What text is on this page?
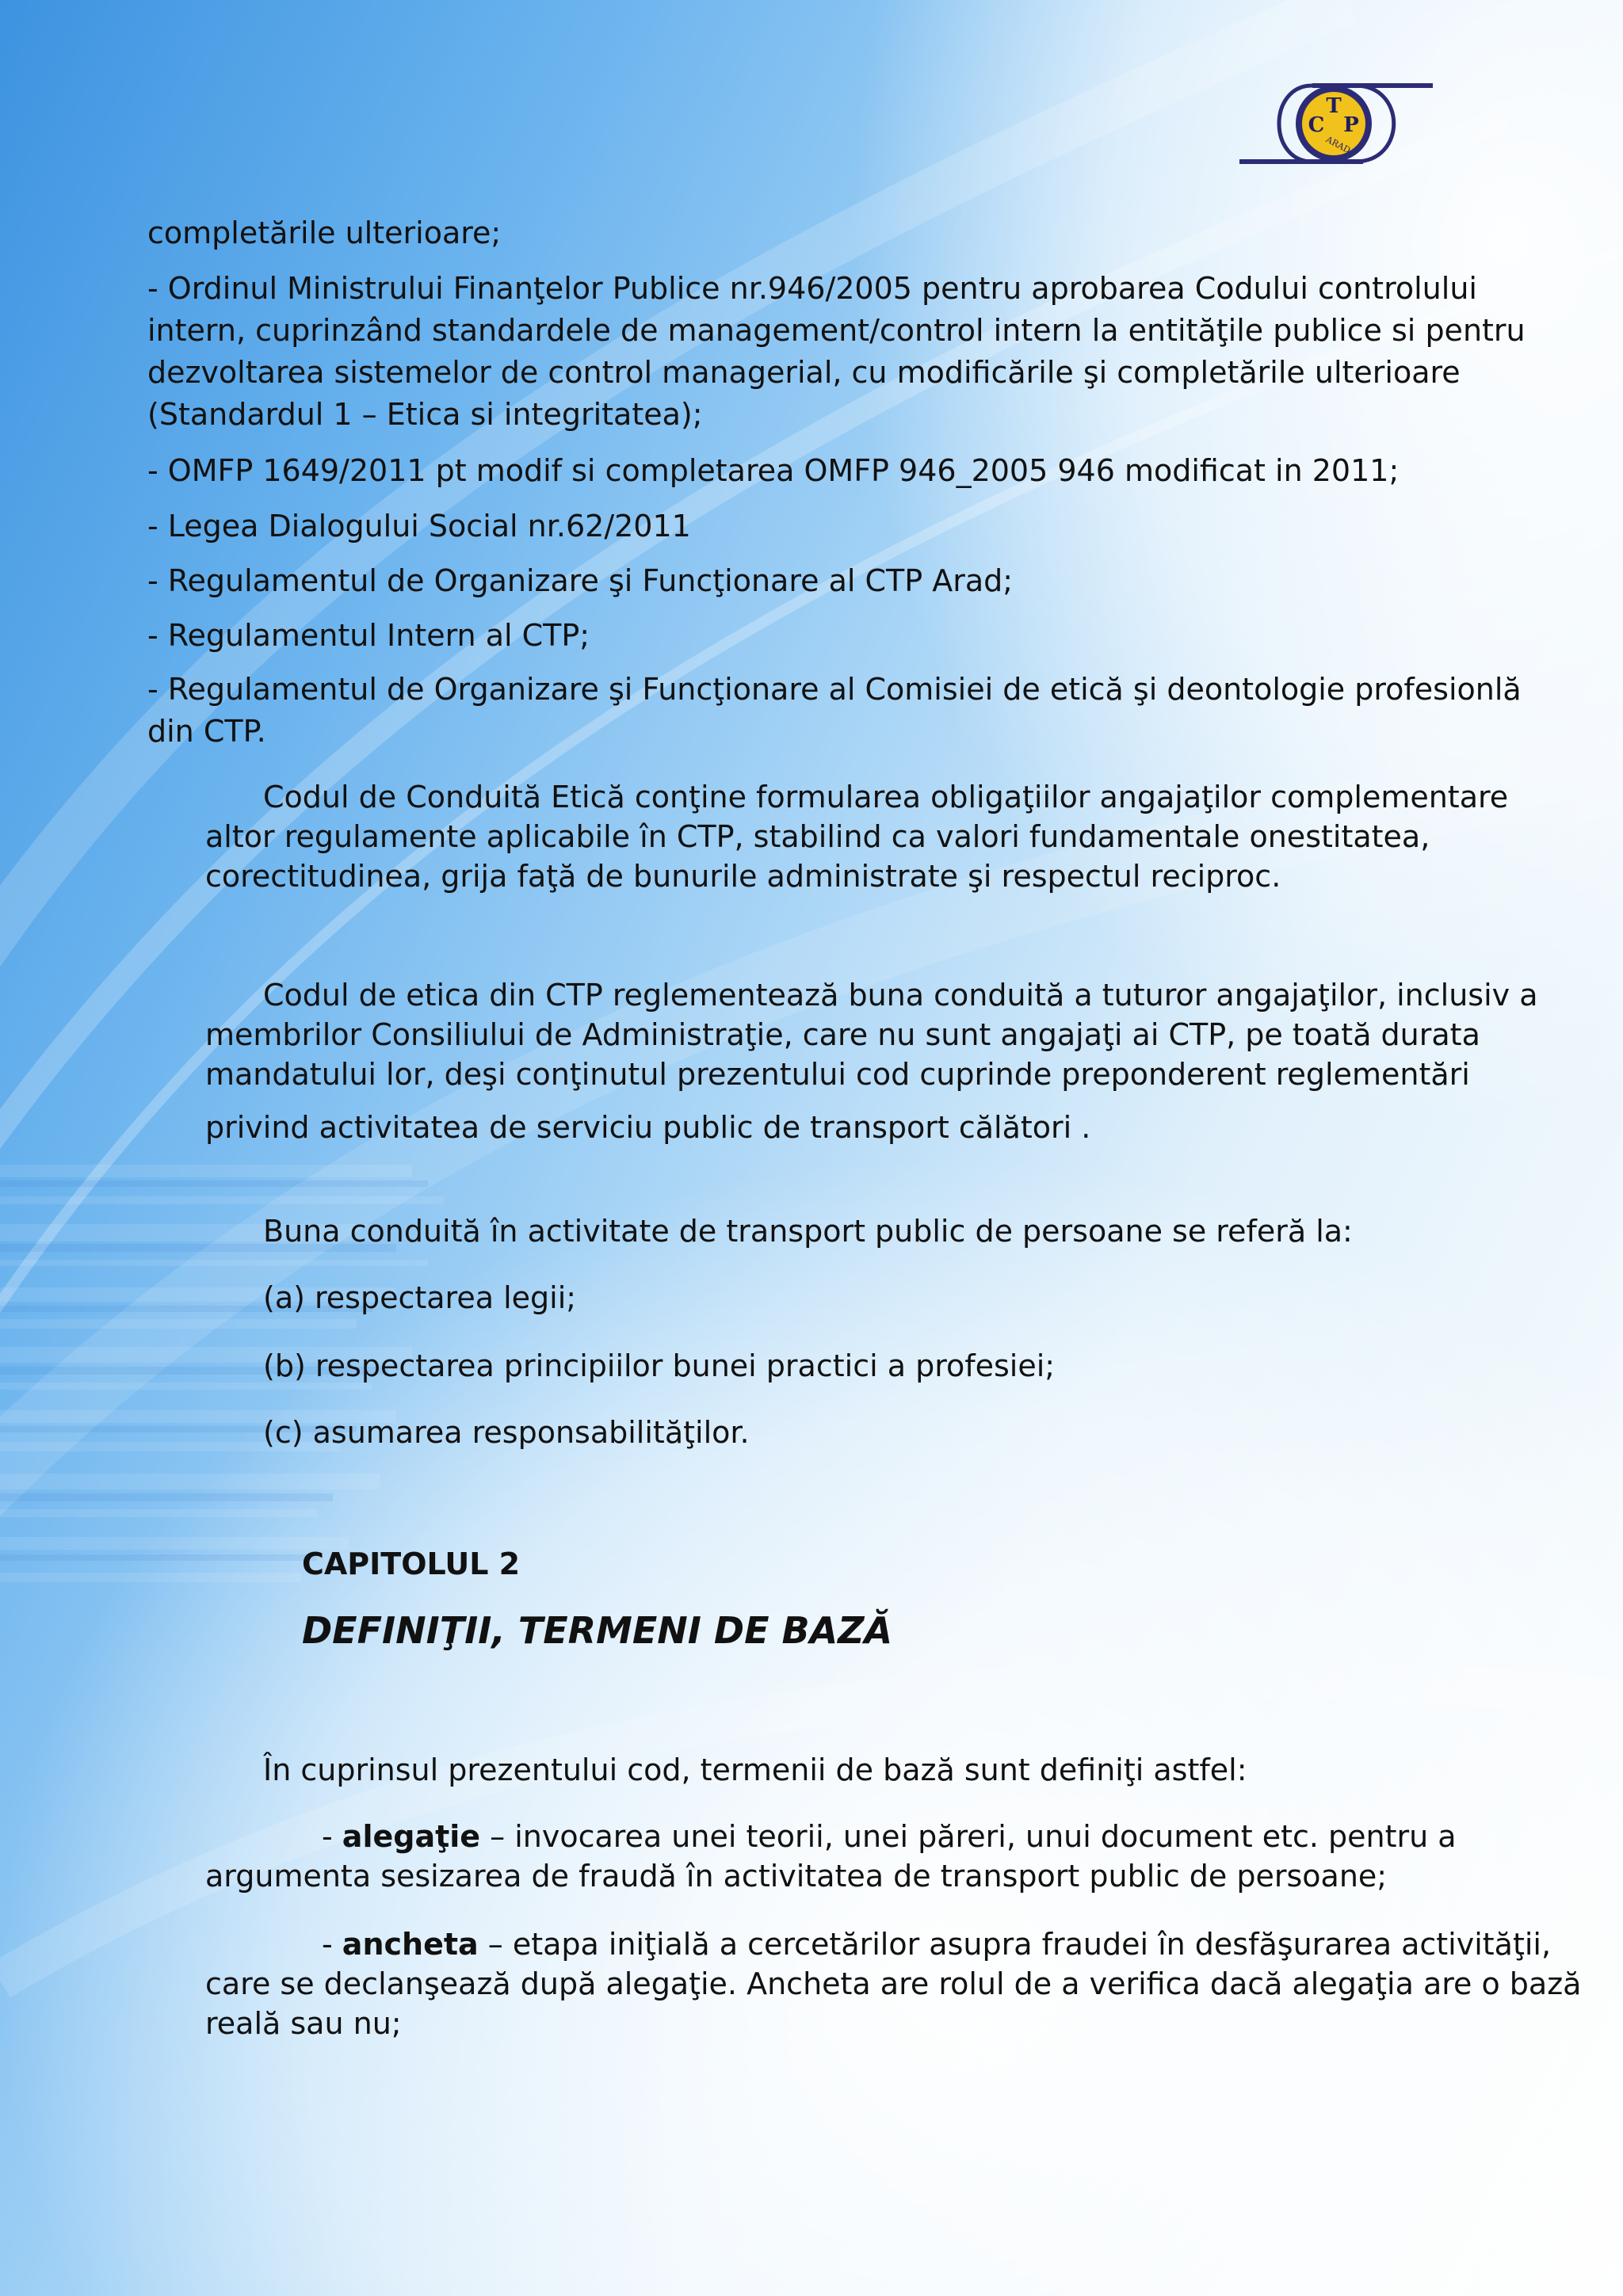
T
C P
ARAD

completările ulterioare;

- Ordinul Ministrului Finanţelor Publice nr.946/2005 pentru aprobarea Codului controlului

intern, cuprinzând standardele de management/control intern la entităţile publice si pentru

dezvoltarea sistemelor de control managerial, cu modificările şi completările ulterioare

(Standardul 1 – Etica si integritatea);

- OMFP 1649/2011 pt modif si completarea OMFP 946_2005 946 modificat in 2011;

- Legea Dialogului Social nr.62/2011

- Regulamentul de Organizare şi Funcţionare al CTP Arad;

- Regulamentul Intern al CTP;

- Regulamentul de Organizare şi Funcţionare al Comisiei de etică şi deontologie profesionlă

din CTP.

Codul de Conduită Etică conţine formularea obligaţiilor angajaţilor complementare

altor regulamente aplicabile în CTP, stabilind ca valori fundamentale onestitatea,

corectitudinea, grija faţă de bunurile administrate şi respectul reciproc.

Codul de etica din CTP reglementează buna conduită a tuturor angajaţilor, inclusiv a

membrilor Consiliului de Administraţie, care nu sunt angajaţi ai CTP, pe toată durata

mandatului lor, deşi conţinutul prezentului cod cuprinde preponderent reglementări

privind activitatea de serviciu public de transport călători .

Buna conduită în activitate de transport public de persoane se referă la:

(a) respectarea legii;

(b) respectarea principiilor bunei practici a profesiei;

(c) asumarea responsabilităţilor.

CAPITOLUL 2

DEFINIŢII, TERMENI DE BAZĂ

În cuprinsul prezentului cod, termenii de bază sunt definiţi astfel:

- alegaţie – invocarea unei teorii, unei păreri, unui document etc. pentru a

argumenta sesizarea de fraudă în activitatea de transport public de persoane;

- ancheta – etapa iniţială a cercetărilor asupra fraudei în desfăşurarea activităţii,

care se declanşează după alegaţie. Ancheta are rolul de a verifica dacă alegaţia are o bază

reală sau nu;
